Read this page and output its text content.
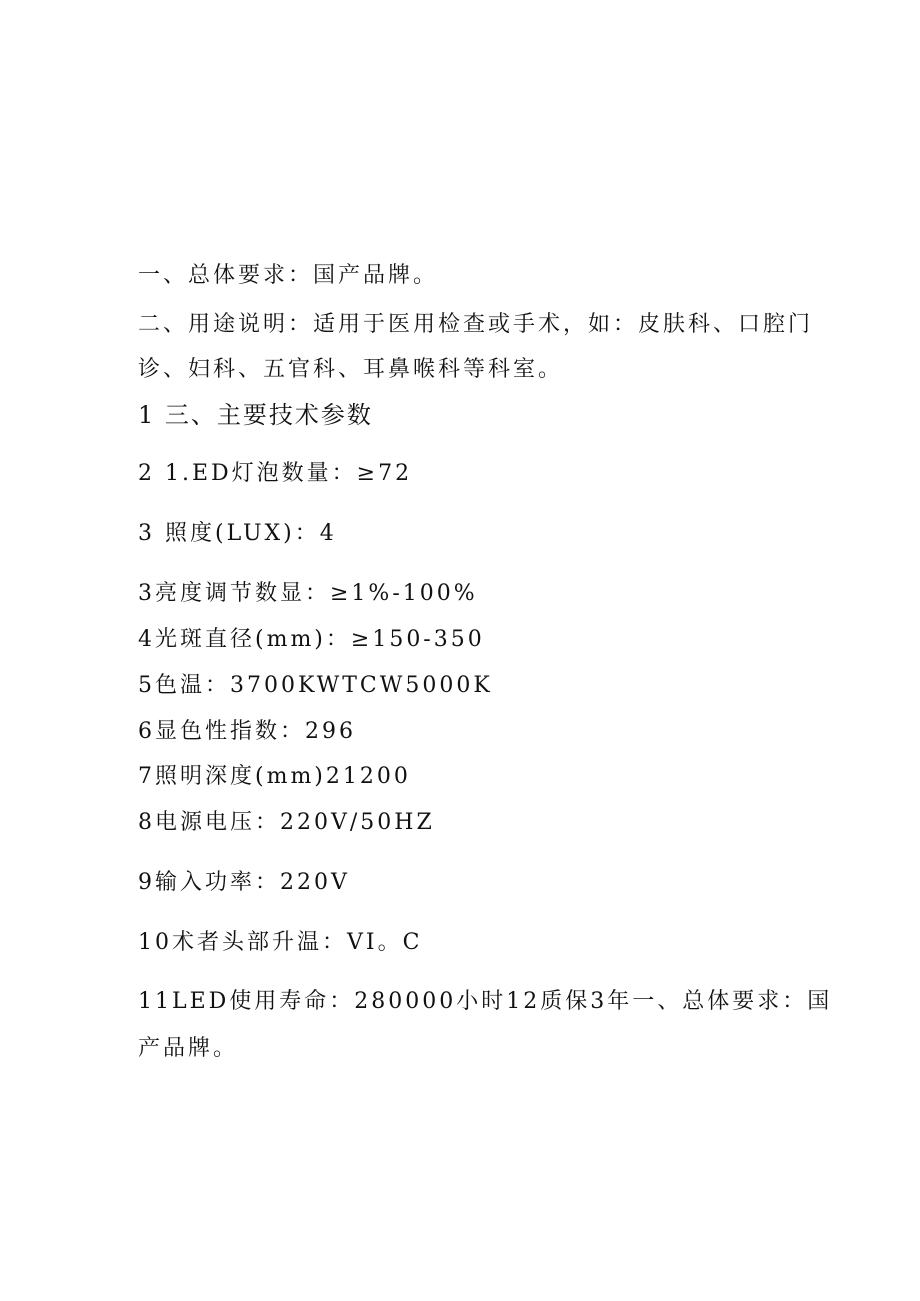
一、总体要求：国产品牌。
二、用途说明：适用于医用检查或手术，如：皮肤科、口腔门
诊、妇科、五官科、耳鼻喉科等科室。
1 三、主要技术参数
2 1.ED灯泡数量：≥72
3 照度(LUX)：4
3亮度调节数显：≥1%-100%
4光斑直径(mm)：≥150-350
5色温：3700KWTCW5000K
6显色性指数：296
7照明深度(mm)21200
8电源电压：220V/50HZ
9输入功率：220V
10术者头部升温：VI。C
11LED使用寿命：280000小时12质保3年一、总体要求：国
产品牌。
